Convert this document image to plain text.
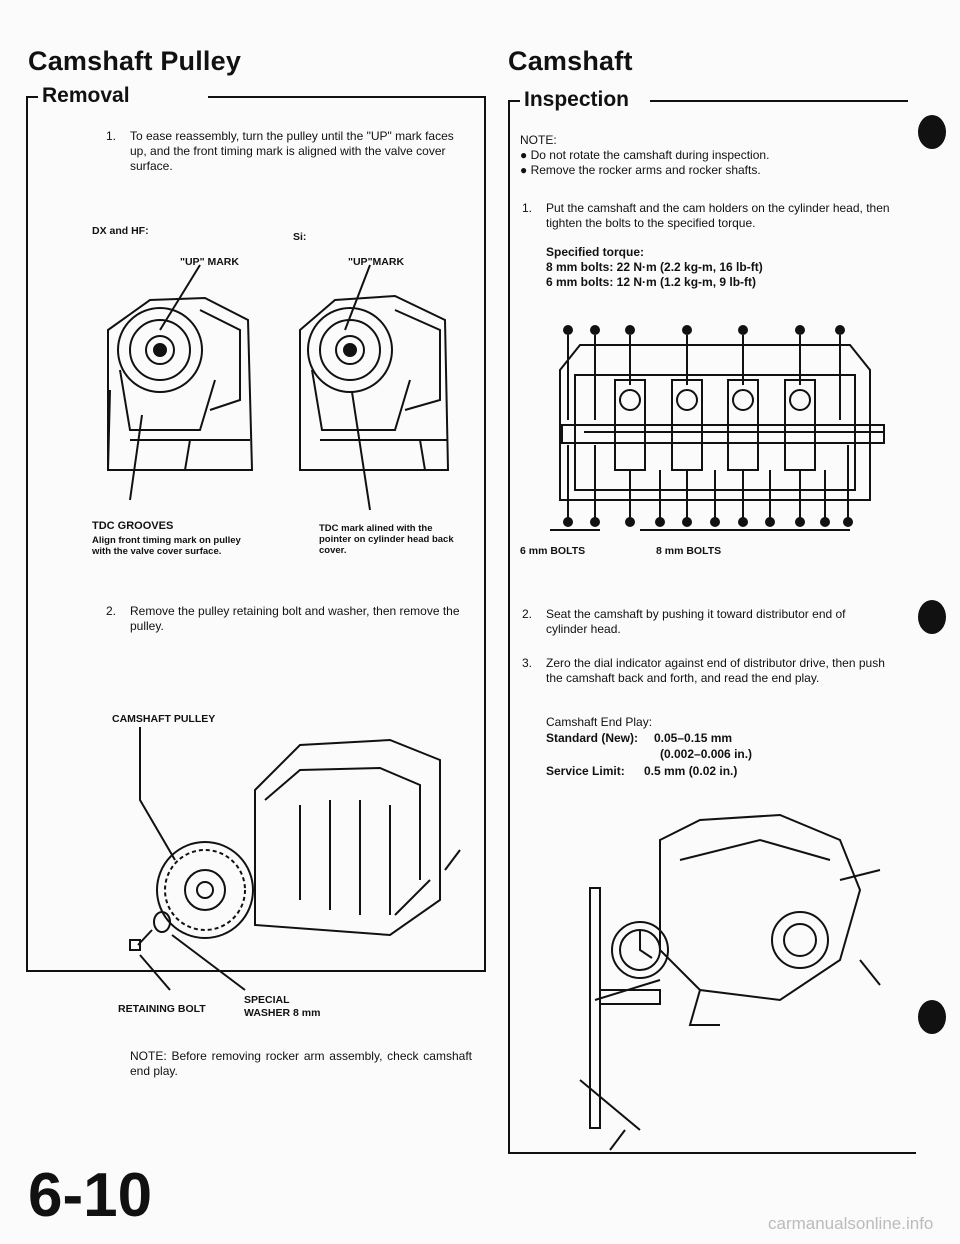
Camshaft Pulley
Removal
1. To ease reassembly, turn the pulley until the "UP" mark faces up, and the front timing mark is aligned with the valve cover surface.
DX and HF:	Si:
"UP" MARK	"UP"MARK
TDC GROOVES
Align front timing mark on pulley with the valve cover surface.
TDC mark alined with the pointer on cylinder head back cover.
2. Remove the pulley retaining bolt and washer, then remove the pulley.
CAMSHAFT PULLEY
RETAINING BOLT
SPECIAL
WASHER 8 mm
NOTE: Before removing rocker arm assembly, check camshaft end play.
6-10
Camshaft
Inspection
NOTE:
● Do not rotate the camshaft during inspection.
● Remove the rocker arms and rocker shafts.
1. Put the camshaft and the cam holders on the cylinder head, then tighten the bolts to the specified torque.
Specified torque:
8 mm bolts: 22 N·m (2.2 kg-m, 16 lb-ft)
6 mm bolts: 12 N·m (1.2 kg-m, 9 lb-ft)
6 mm BOLTS	8 mm BOLTS
2. Seat the camshaft by pushing it toward distributor end of cylinder head.
3. Zero the dial indicator against end of distributor drive, then push the camshaft back and forth, and read the end play.
Camshaft End Play:
Standard (New): 0.05–0.15 mm
(0.002–0.006 in.)
Service Limit: 0.5 mm (0.02 in.)
carmanualsonline.info
